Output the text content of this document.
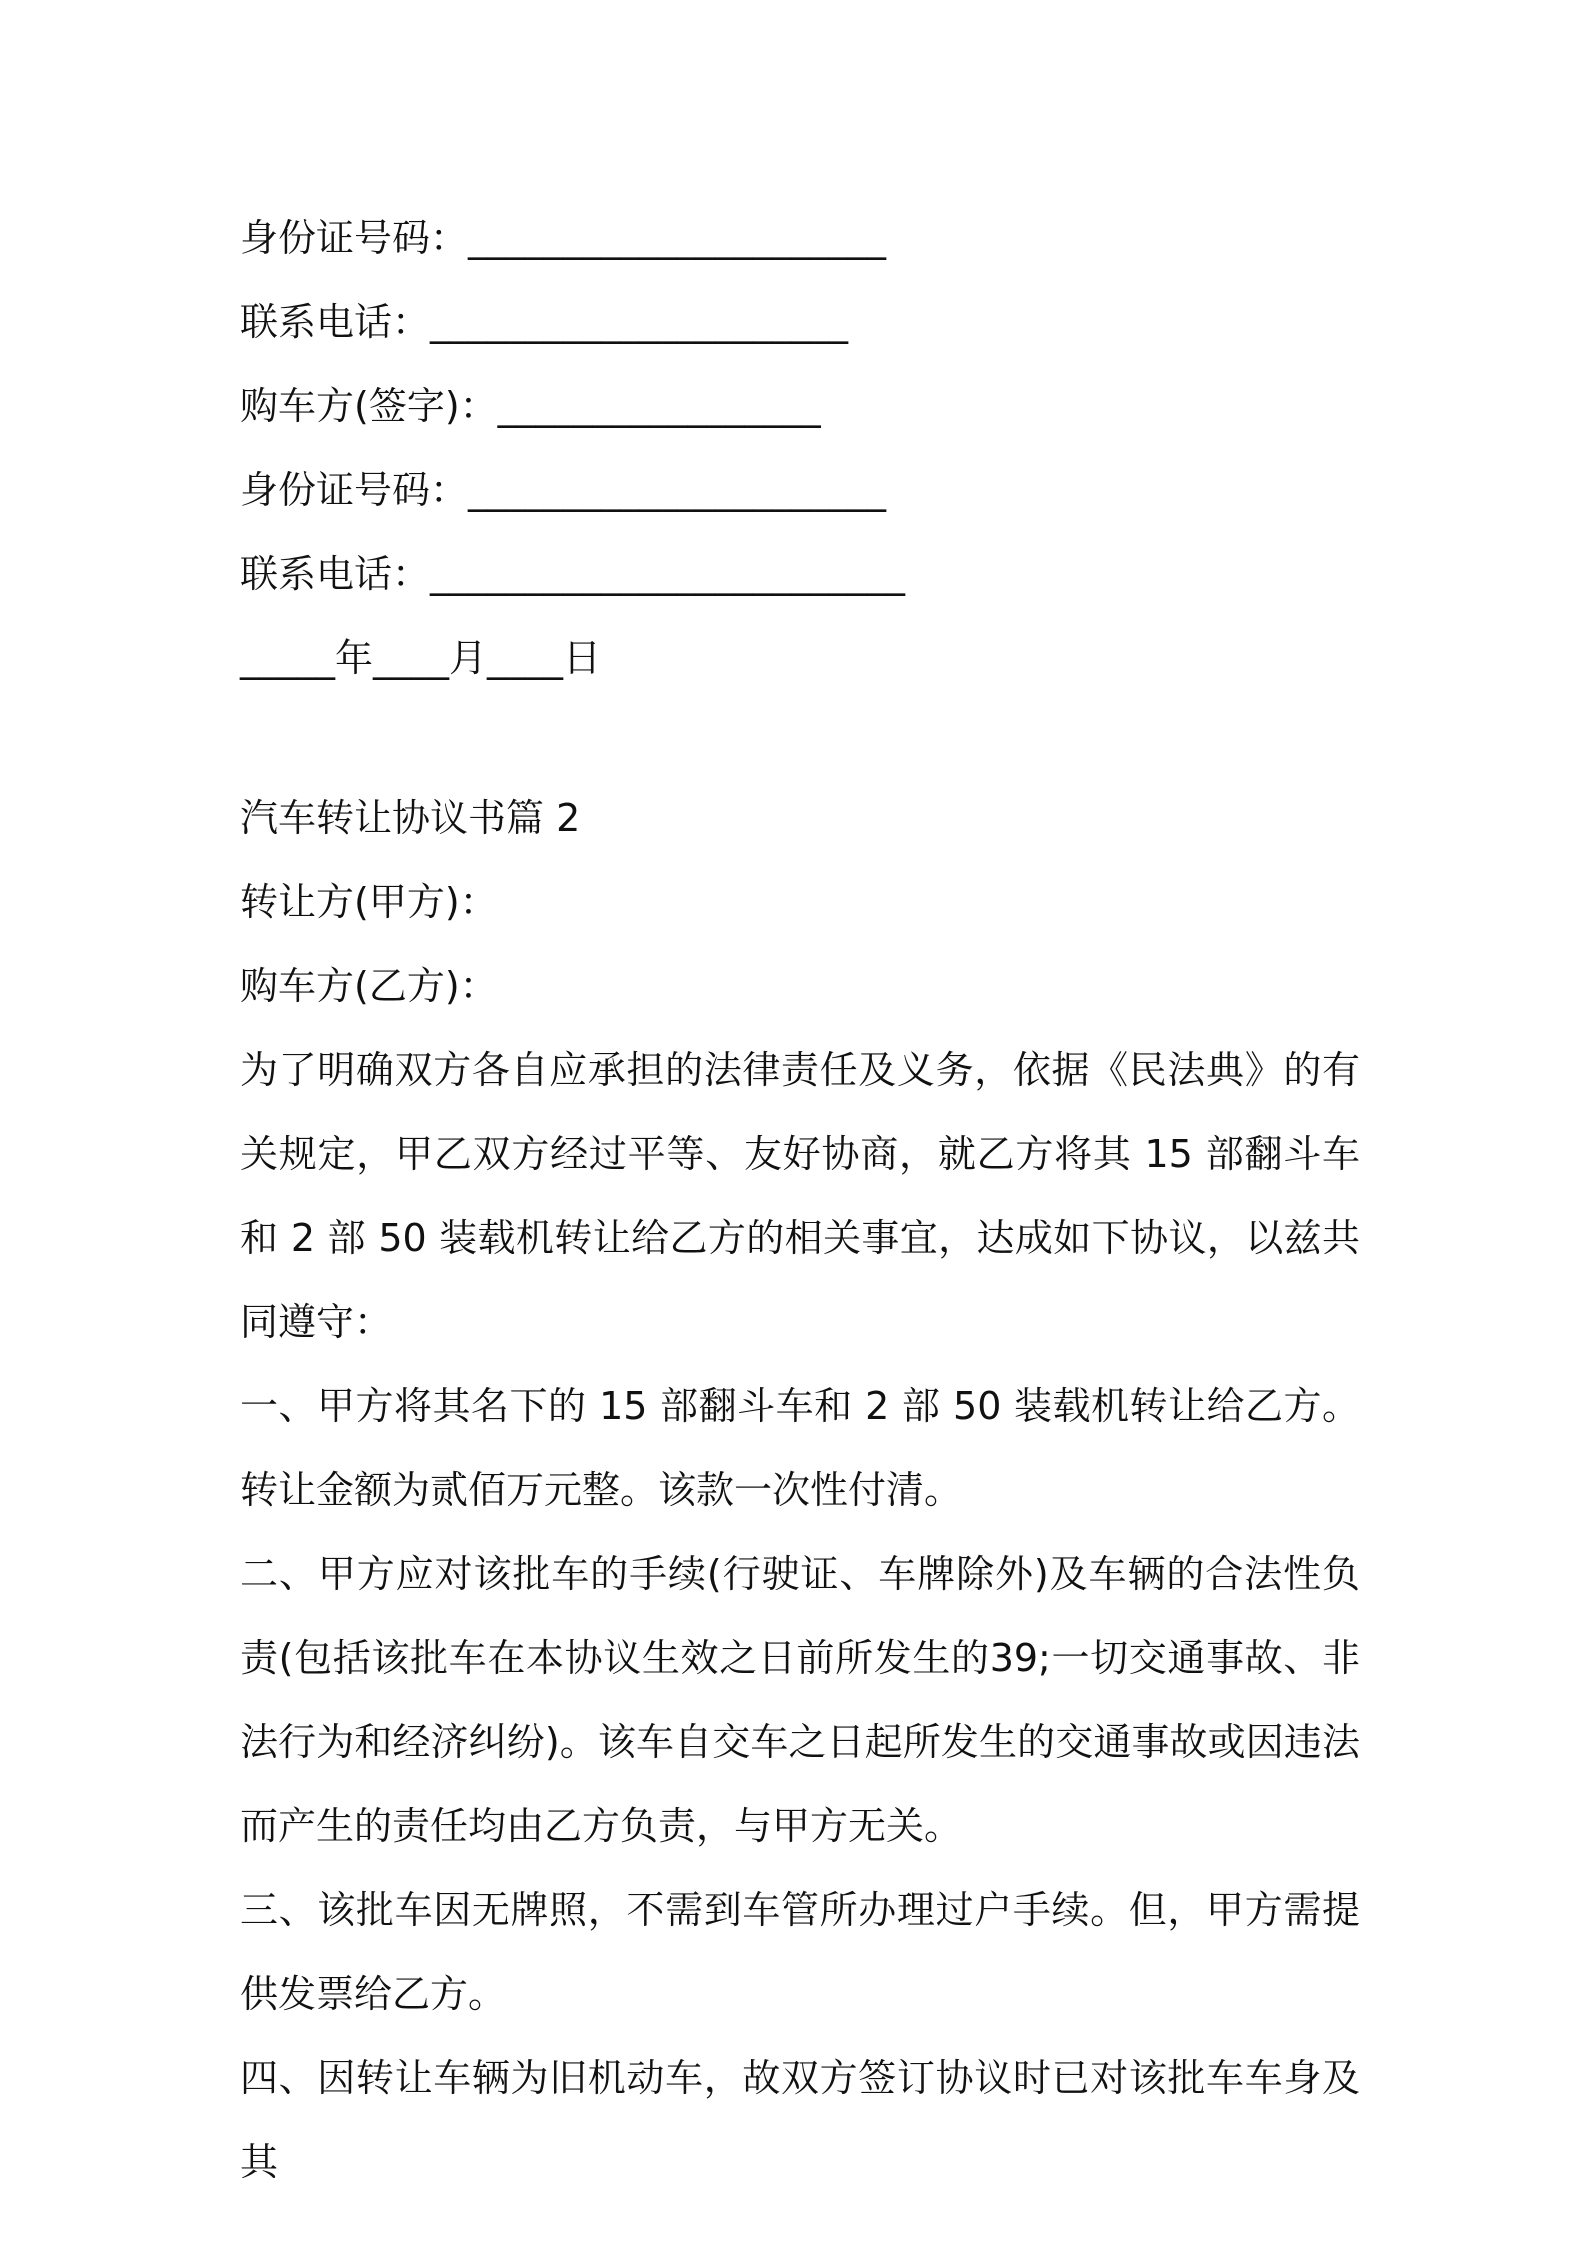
身份证号码：______________________
联系电话：______________________
购车方(签字)：_________________
身份证号码：______________________
联系电话：_________________________
_____年____月____日
汽车转让协议书篇 2
转让方(甲方)：
购车方(乙方)：

为了明确双方各自应承担的法律责任及义务，依据《民法典》的有关规定，甲乙双方经过平等、友好协商，就乙方将其 15 部翻斗车和 2 部 50 装载机转让给乙方的相关事宜，达成如下协议，以兹共同遵守：

一、甲方将其名下的 15 部翻斗车和 2 部 50 装载机转让给乙方。转让金额为贰佰万元整。该款一次性付清。

二、甲方应对该批车的手续(行驶证、车牌除外)及车辆的合法性负责(包括该批车在本协议生效之日前所发生的39;一切交通事故、非法行为和经济纠纷)。该车自交车之日起所发生的交通事故或因违法而产生的责任均由乙方负责，与甲方无关。

三、该批车因无牌照，不需到车管所办理过户手续。但，甲方需提供发票给乙方。

四、因转让车辆为旧机动车，故双方签订协议时已对该批车车身及其
